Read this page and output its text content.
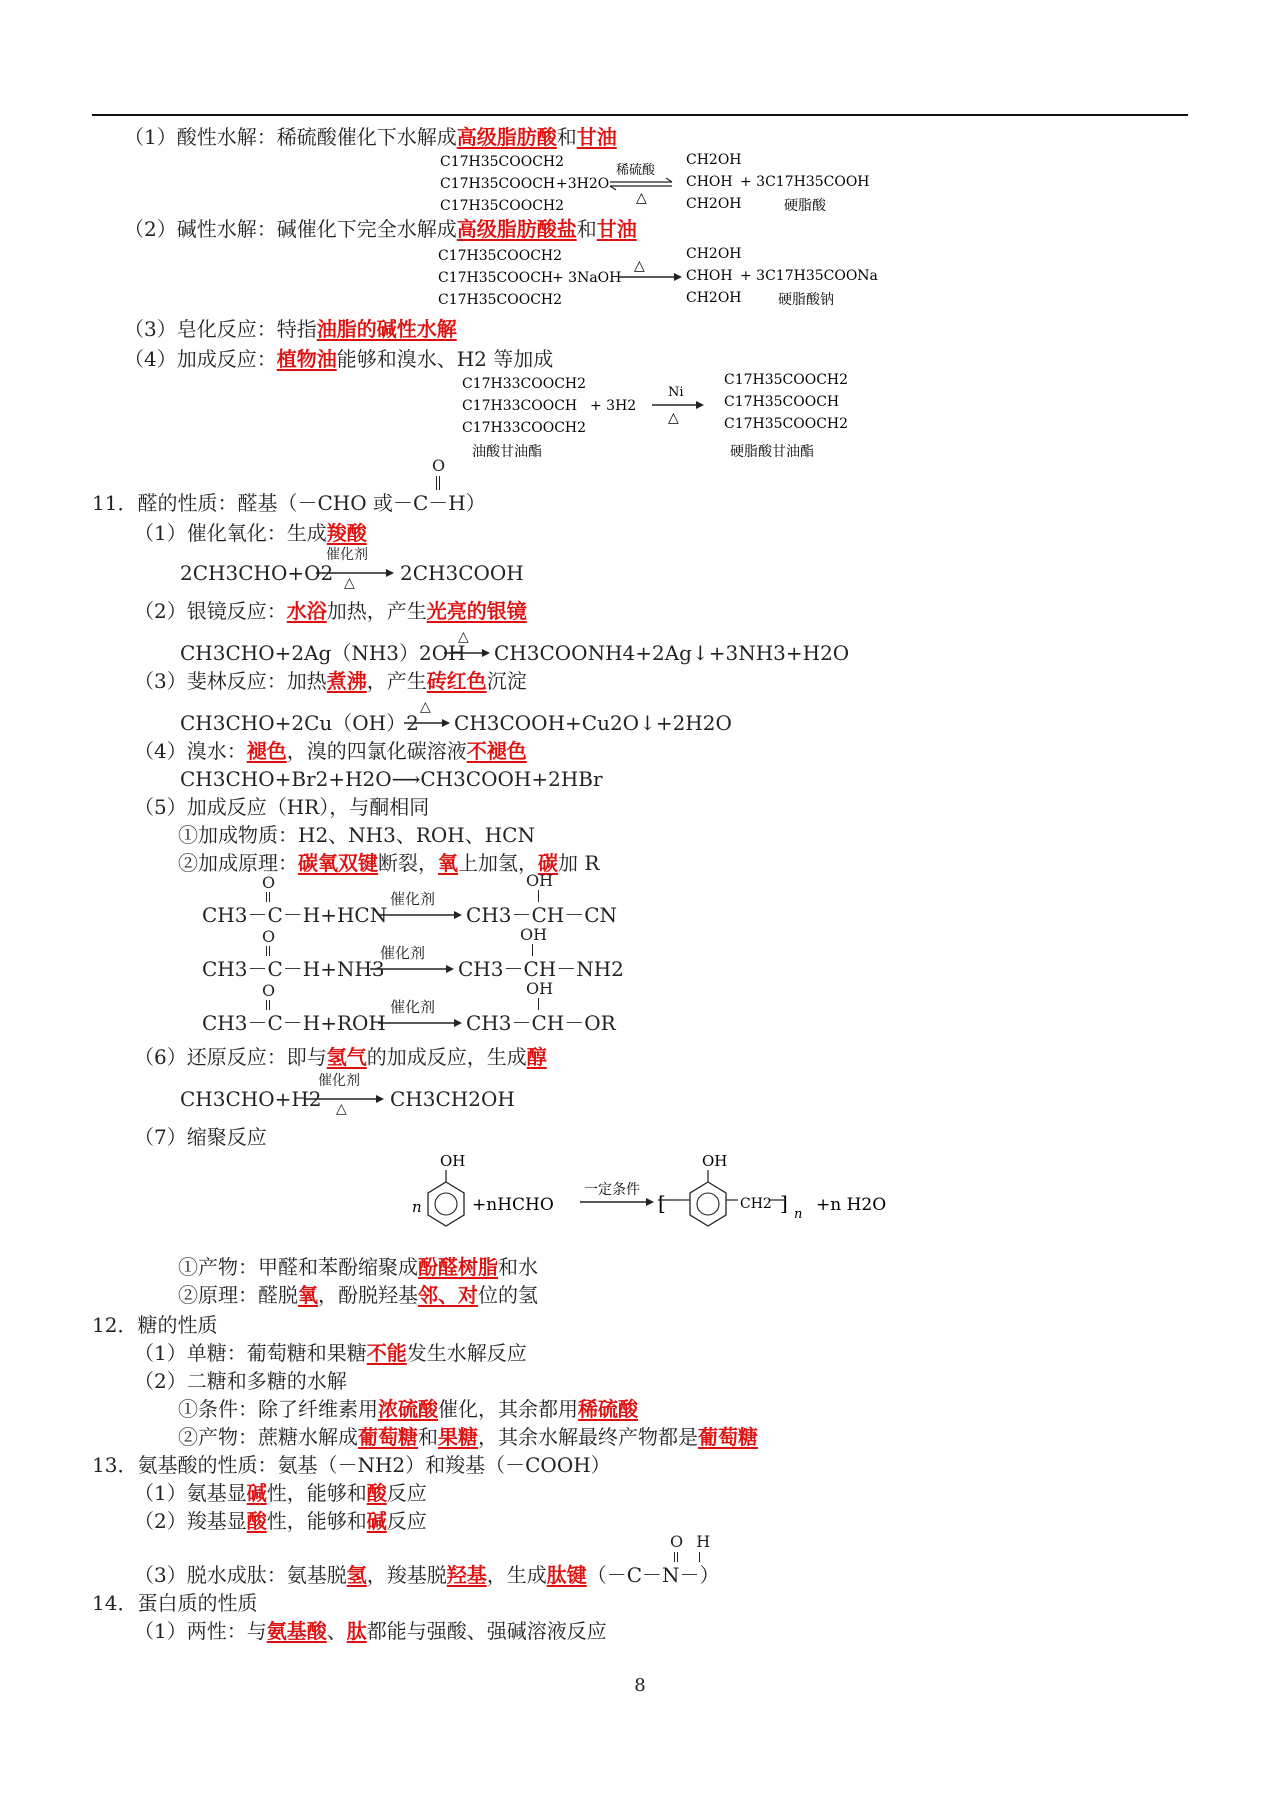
（1）酸性水解：稀硫酸催化下水解成高级脂肪酸和甘油
C17H35COOCH2
C17H35COOCH
C17H35COOCH2
+3H2O
稀硫酸
△
CH2OH
CHOH
CH2OH
+ 3C17H35COOH
硬脂酸
（2）碱性水解：碱催化下完全水解成高级脂肪酸盐和甘油
C17H35COOCH2
C17H35COOCH
C17H35COOCH2
+ 3NaOH
△
CH2OH
CHOH
CH2OH
+ 3C17H35COONa
硬脂酸钠
（3）皂化反应：特指油脂的碱性水解
（4）加成反应：植物油能够和溴水、H2 等加成
C17H33COOCH2
C17H33COOCH
C17H33COOCH2
油酸甘油酯
+ 3H2
Ni
△
C17H35COOCH2
C17H35COOCH
C17H35COOCH2
硬脂酸甘油酯
O
11．醛的性质：醛基（－CHO 或－C－H）
（1）催化氧化：生成羧酸
2CH3CHO+O2
催化剂
△ 2CH3COOH
（2）银镜反应：水浴加热，产生光亮的银镜
CH3CHO+2Ag（NH3）2OH
△
CH3COONH4+2Ag↓+3NH3+H2O
（3）斐林反应：加热煮沸，产生砖红色沉淀
CH3CHO+2Cu（OH）2
△
CH3COOH+Cu2O↓+2H2O
（4）溴水：褪色，溴的四氯化碳溶液不褪色
CH3CHO+Br2+H2O⟶CH3COOH+2HBr
（5）加成反应（HR），与酮相同
①加成物质：H2、NH3、ROH、HCN
②加成原理：碳氧双键断裂，氧上加氢，碳加 R
O
CH3－C－H+HCN
催化剂
OH
CH3－CH－CN
O
CH3－C－H+NH3
催化剂
OH
CH3－CH－NH2
O
CH3－C－H+ROH
催化剂
OH
CH3－CH－OR
（6）还原反应：即与氢气的加成反应，生成醇
CH3CHO+H2
催化剂
△ CH3CH2OH
（7）缩聚反应
n
OH
+nHCHO
一定条件
[
OH
CH2 ] n +n H2O
①产物：甲醛和苯酚缩聚成酚醛树脂和水
②原理：醛脱氧，酚脱羟基邻、对位的氢
12．糖的性质
（1）单糖：葡萄糖和果糖不能发生水解反应
（2）二糖和多糖的水解
①条件：除了纤维素用浓硫酸催化，其余都用稀硫酸
②产物：蔗糖水解成葡萄糖和果糖，其余水解最终产物都是葡萄糖
13．氨基酸的性质：氨基（－NH2）和羧基（－COOH）
（1）氨基显碱性，能够和酸反应
（2）羧基显酸性，能够和碱反应
O H
（3）脱水成肽：氨基脱氢，羧基脱羟基，生成肽键（－C－N－）
14．蛋白质的性质
（1）两性：与氨基酸、肽都能与强酸、强碱溶液反应
8
